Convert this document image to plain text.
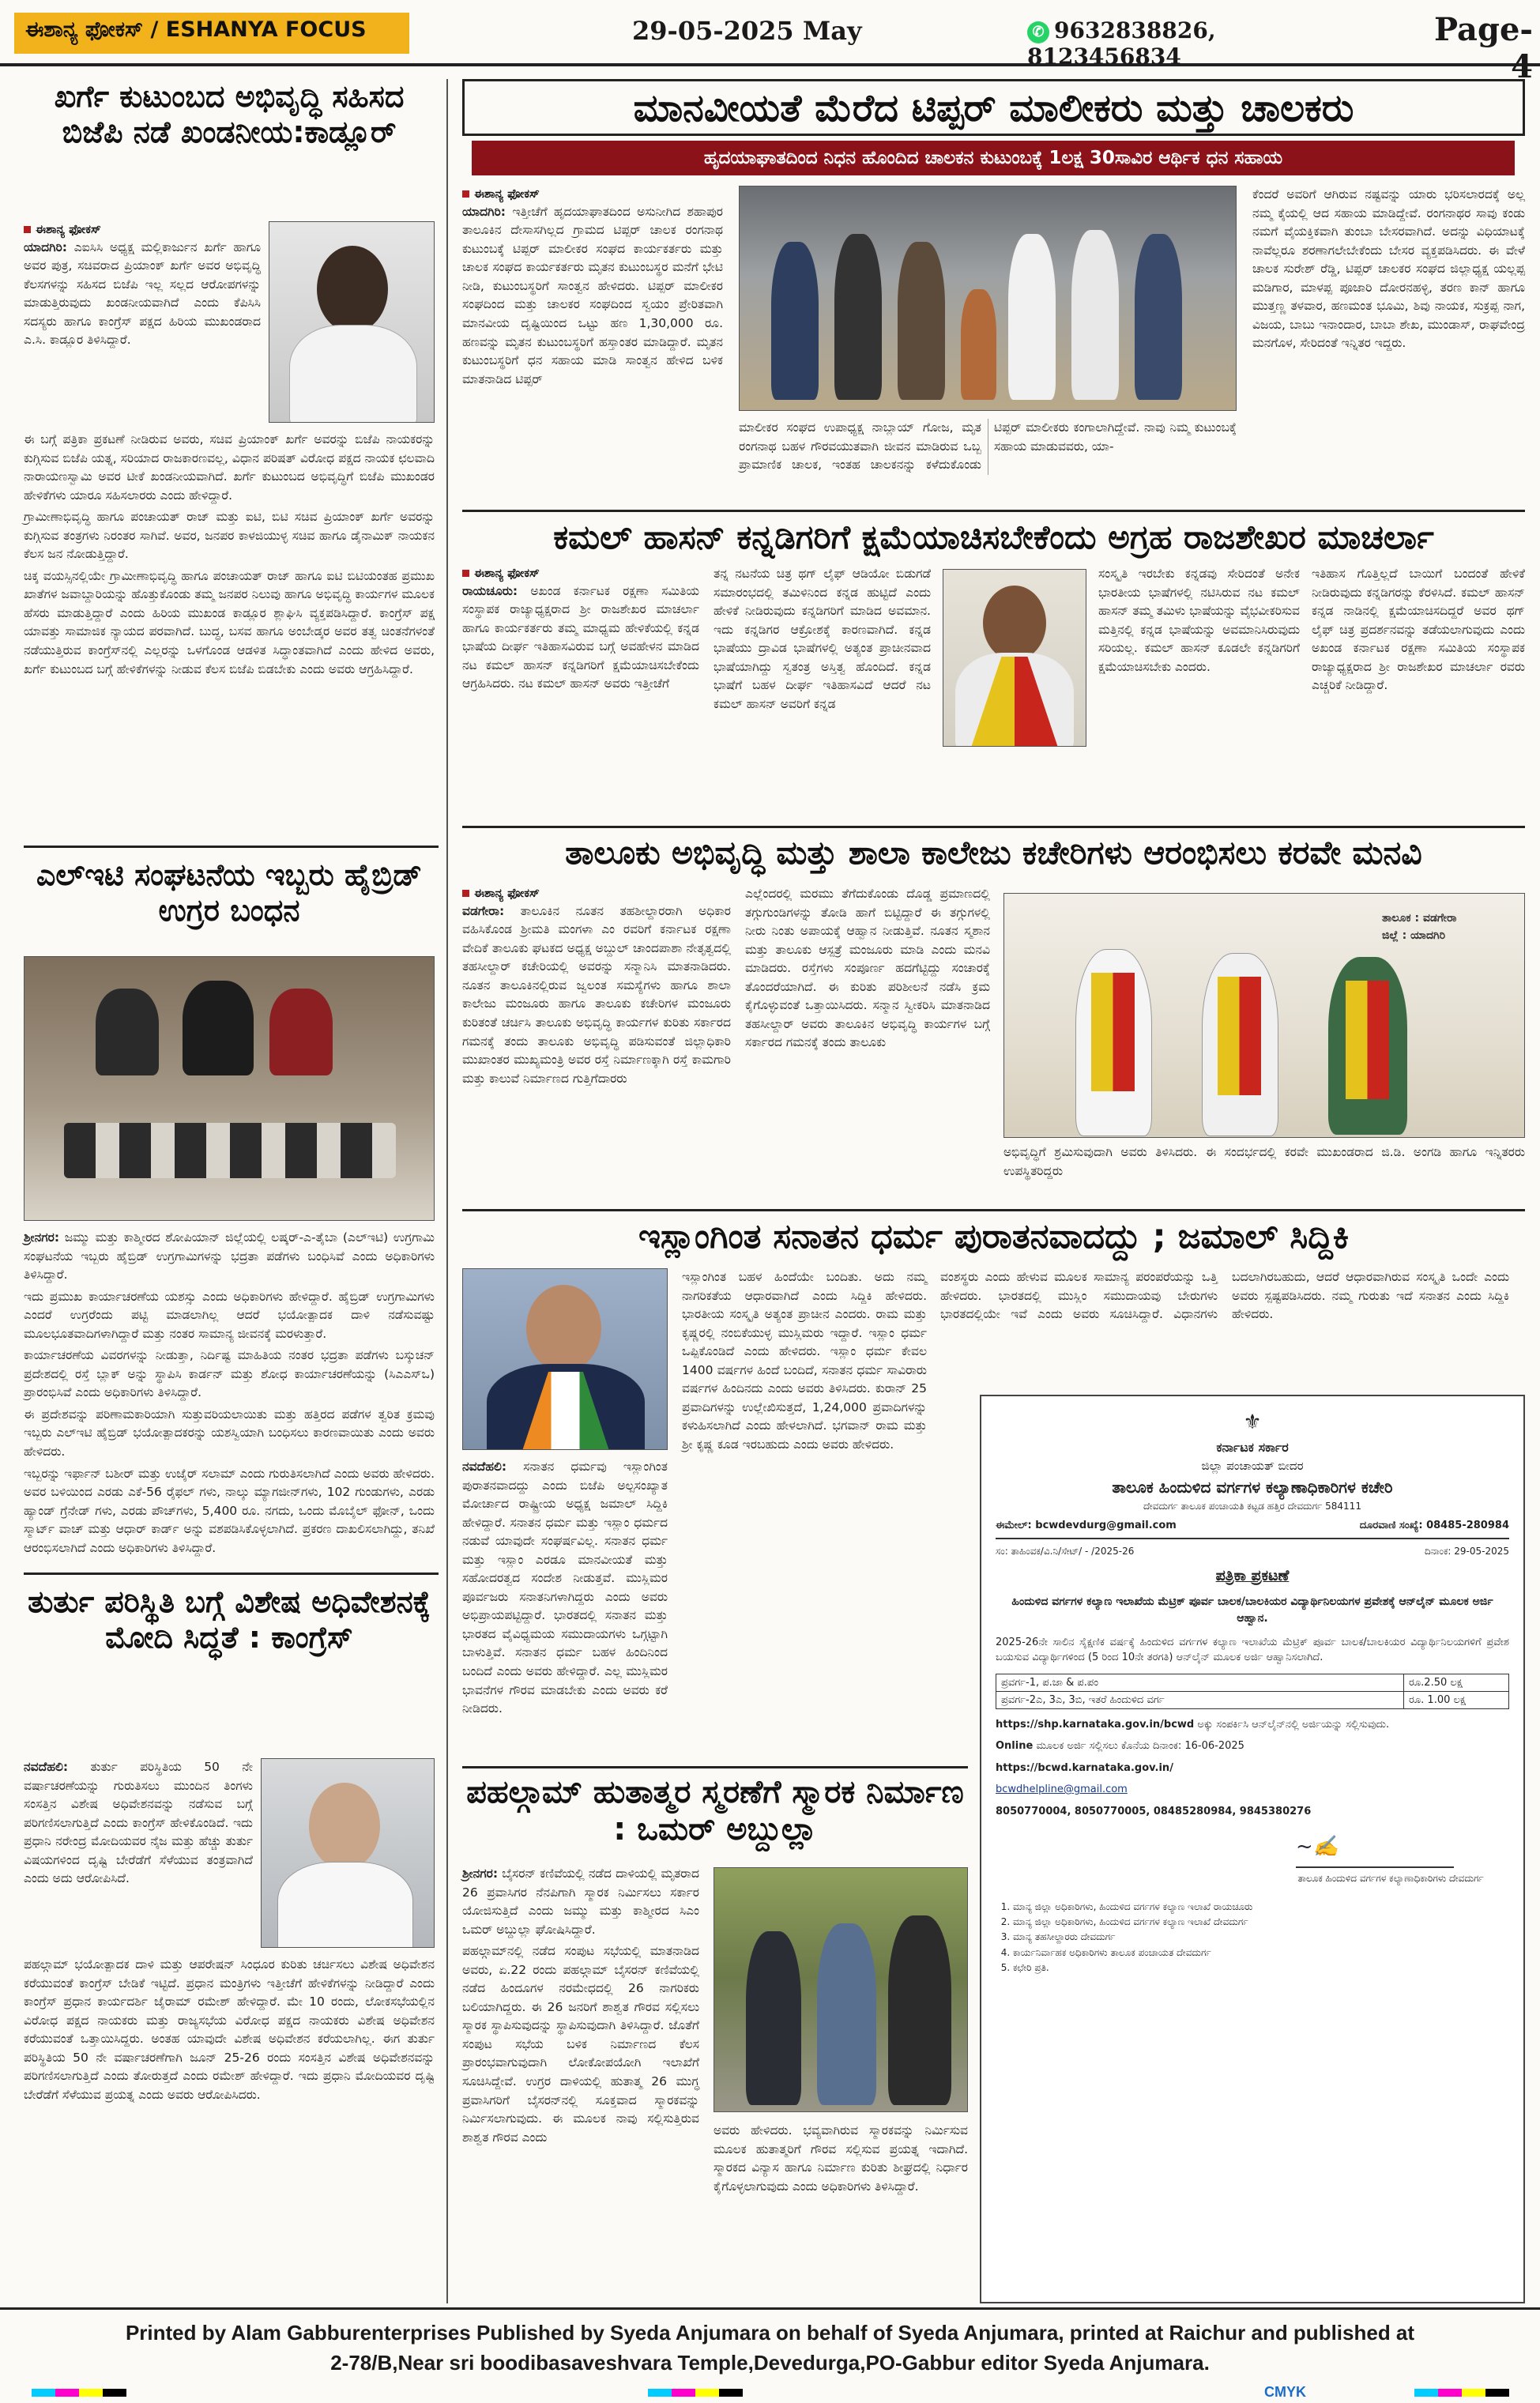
ಈಶಾನ್ಯ ಫೋಕಸ್ / ESHANYA FOCUS	29-05-2025 May	✆ 9632838826, 8123456834
Page-4
ಖರ್ಗೆ ಕುಟುಂಬದ ಅಭಿವೃದ್ಧಿ ಸಹಿಸದ ಬಿಜೆಪಿ ನಡೆ ಖಂಡನೀಯ:ಕಾಡ್ಲೂರ್

ಈಶಾನ್ಯ ಫೋಕಸ್

ಯಾದಗಿರಿ: ಎಐಸಿಸಿ ಅಧ್ಯಕ್ಷ ಮಲ್ಲಿಕಾರ್ಜುನ ಖರ್ಗೆ ಹಾಗೂ ಅವರ ಪುತ್ರ, ಸಚಿವರಾದ ಪ್ರಿಯಾಂಕ್ ಖರ್ಗೆ ಅವರ ಅಭಿವೃದ್ಧಿ ಕೆಲಸಗಳನ್ನು ಸಹಿಸದ ಬಿಜೆಪಿ ಇಲ್ಲ ಸಲ್ಲದ ಆರೋಪಗಳನ್ನು ಮಾಡುತ್ತಿರುವುದು ಖಂಡನೀಯವಾಗಿದೆ ಎಂದು ಕೆಪಿಸಿಸಿ ಸದಸ್ಯರು ಹಾಗೂ ಕಾಂಗ್ರೆಸ್ ಪಕ್ಷದ ಹಿರಿಯ ಮುಖಂಡರಾದ ಎ.ಸಿ. ಕಾಡ್ಲೂರ ತಿಳಿಸಿದ್ದಾರೆ.

ಈ ಬಗ್ಗೆ ಪತ್ರಿಕಾ ಪ್ರಕಟಣೆ ನೀಡಿರುವ ಅವರು, ಸಚಿವ ಪ್ರಿಯಾಂಕ್ ಖರ್ಗೆ ಅವರನ್ನು ಬಿಜೆಪಿ ನಾಯಕರನ್ನು ಕುಗ್ಗಿಸುವ ಬಿಜೆಪಿ ಯತ್ನ, ಸರಿಯಾದ ರಾಜಕಾರಣವಲ್ಲ, ವಿಧಾನ ಪರಿಷತ್ ವಿರೋಧ ಪಕ್ಷದ ನಾಯಕ ಛಲವಾದಿ ನಾರಾಯಣಸ್ವಾಮಿ ಅವರ ಟೀಕೆ ಖಂಡನೀಯವಾಗಿದೆ. ಖರ್ಗೆ ಕುಟುಂಬದ ಅಭಿವೃದ್ಧಿಗೆ ಬಿಜೆಪಿ ಮುಖಂಡರ ಹೇಳಿಕೆಗಳು ಯಾರೂ ಸಹಿಸಲಾರರು ಎಂದು ಹೇಳಿದ್ದಾರೆ.

ಗ್ರಾಮೀಣಾಭಿವೃದ್ಧಿ ಹಾಗೂ ಪಂಚಾಯತ್ ರಾಜ್ ಮತ್ತು ಐಟಿ, ಬಿಟಿ ಸಚಿವ ಪ್ರಿಯಾಂಕ್ ಖರ್ಗೆ ಅವರನ್ನು ಕುಗ್ಗಿಸುವ ತಂತ್ರಗಳು ನಿರಂತರ ಸಾಗಿವೆ. ಅವರ, ಜನಪರ ಕಾಳಜಿಯುಳ್ಳ ಸಚಿವ ಹಾಗೂ ಡೈನಾಮಿಕ್ ನಾಯಕನ ಕೆಲಸ ಜನ ನೋಡುತ್ತಿದ್ದಾರೆ.

ಚಿಕ್ಕ ವಯಸ್ಸಿನಲ್ಲಿಯೇ ಗ್ರಾಮೀಣಾಭಿವೃದ್ಧಿ ಹಾಗೂ ಪಂಚಾಯತ್ ರಾಜ್ ಹಾಗೂ ಐಟಿ ಬಿಟಿಯಂತಹ ಪ್ರಮುಖ ಖಾತೆಗಳ ಜವಾಬ್ದಾರಿಯನ್ನು ಹೊತ್ತುಕೊಂಡು ತಮ್ಮ ಜನಪರ ನಿಲುವು ಹಾಗೂ ಅಭಿವೃದ್ಧಿ ಕಾರ್ಯಗಳ ಮೂಲಕ ಹೆಸರು ಮಾಡುತ್ತಿದ್ದಾರೆ ಎಂದು ಹಿರಿಯ ಮುಖಂಡ ಕಾಡ್ಲೂರ ಶ್ಲಾಘಿಸಿ ವ್ಯಕ್ತಪಡಿಸಿದ್ದಾರೆ. ಕಾಂಗ್ರೆಸ್ ಪಕ್ಷ ಯಾವತ್ತು ಸಾಮಾಜಿಕ ನ್ಯಾಯದ ಪರವಾಗಿದೆ. ಬುದ್ಧ, ಬಸವ ಹಾಗೂ ಅಂಬೇಡ್ಕರ ಅವರ ತತ್ವ ಚಿಂತನೆಗಳಂತೆ ನಡೆಯುತ್ತಿರುವ ಕಾಂಗ್ರೆಸ್‌ನಲ್ಲಿ ಎಲ್ಲರನ್ನು ಒಳಗೊಂಡ ಆಡಳಿತ ಸಿದ್ಧಾಂತವಾಗಿದೆ ಎಂದು ಹೇಳಿದ ಅವರು, ಖರ್ಗೆ ಕುಟುಂಬದ ಬಗ್ಗೆ ಹೇಳಿಕೆಗಳನ್ನು ನೀಡುವ ಕೆಲಸ ಬಿಜೆಪಿ ಬಿಡಬೇಕು ಎಂದು ಅವರು ಆಗ್ರಹಿಸಿದ್ದಾರೆ.

ಎಲ್‌ಇಟಿ ಸಂಘಟನೆಯ ಇಬ್ಬರು ಹೈಬ್ರಿಡ್ ಉಗ್ರರ ಬಂಧನ

ಶ್ರೀನಗರ: ಜಮ್ಮು ಮತ್ತು ಕಾಶ್ಮೀರದ ಶೋಪಿಯಾನ್ ಜಿಲ್ಲೆಯಲ್ಲಿ ಲಷ್ಕರ್-ಎ-ತೈಬಾ (ಎಲ್‌ಇಟಿ) ಉಗ್ರಗಾಮಿ ಸಂಘಟನೆಯ ಇಬ್ಬರು ಹೈಬ್ರಿಡ್ ಉಗ್ರಗಾಮಿಗಳನ್ನು ಭದ್ರತಾ ಪಡೆಗಳು ಬಂಧಿಸಿವೆ ಎಂದು ಅಧಿಕಾರಿಗಳು ತಿಳಿಸಿದ್ದಾರೆ.

ಇದು ಪ್ರಮುಖ ಕಾರ್ಯಾಚರಣೆಯ ಯಶಸ್ಸು ಎಂದು ಅಧಿಕಾರಿಗಳು ಹೇಳಿದ್ದಾರೆ. ಹೈಬ್ರಿಡ್ ಉಗ್ರಗಾಮಿಗಳು ಎಂದರೆ ಉಗ್ರರೆಂದು ಪಟ್ಟಿ ಮಾಡಲಾಗಿಲ್ಲ ಆದರೆ ಭಯೋತ್ಪಾದಕ ದಾಳಿ ನಡೆಸುವಷ್ಟು ಮೂಲಭೂತವಾದಿಗಳಾಗಿದ್ದಾರೆ ಮತ್ತು ನಂತರ ಸಾಮಾನ್ಯ ಜೀವನಕ್ಕೆ ಮರಳುತ್ತಾರೆ.

ಕಾರ್ಯಾಚರಣೆಯ ವಿವರಗಳನ್ನು ನೀಡುತ್ತಾ, ನಿರ್ದಿಷ್ಟ ಮಾಹಿತಿಯ ನಂತರ ಭದ್ರತಾ ಪಡೆಗಳು ಬಸ್ಕುಚನ್ ಪ್ರದೇಶದಲ್ಲಿ ರಸ್ತೆ ಬ್ಲಾಕ್ ಅನ್ನು ಸ್ಥಾಪಿಸಿ ಕಾರ್ಡನ್ ಮತ್ತು ಶೋಧ ಕಾರ್ಯಾಚರಣೆಯನ್ನು (ಸಿಎಎಸ್‌ಒ) ಪ್ರಾರಂಭಿಸಿವೆ ಎಂದು ಅಧಿಕಾರಿಗಳು ತಿಳಿಸಿದ್ದಾರೆ.

ಈ ಪ್ರದೇಶವನ್ನು ಪರಿಣಾಮಕಾರಿಯಾಗಿ ಸುತ್ತುವರಿಯಲಾಯಿತು ಮತ್ತು ಹತ್ತಿರದ ಪಡೆಗಳ ತ್ವರಿತ ಕ್ರಮವು ಇಬ್ಬರು ಎಲ್‌ಇಟಿ ಹೈಬ್ರಿಡ್ ಭಯೋತ್ಪಾದಕರನ್ನು ಯಶಸ್ವಿಯಾಗಿ ಬಂಧಿಸಲು ಕಾರಣವಾಯಿತು ಎಂದು ಅವರು ಹೇಳಿದರು.

ಇಬ್ಬರನ್ನು ಇರ್ಫಾನ್ ಬಶೀರ್ ಮತ್ತು ಉಜೈರ್ ಸಲಾಮ್ ಎಂದು ಗುರುತಿಸಲಾಗಿದೆ ಎಂದು ಅವರು ಹೇಳಿದರು. ಅವರ ಬಳಿಯಿಂದ ಎರಡು ಎಕೆ-56 ರೈಫಲ್ ಗಳು, ನಾಲ್ಕು ಮ್ಯಾಗಜೀನ್‌ಗಳು, 102 ಗುಂಡುಗಳು, ಎರಡು ಹ್ಯಾಂಡ್ ಗ್ರೆನೇಡ್ ಗಳು, ಎರಡು ಪೌಚ್‌ಗಳು, 5,400 ರೂ. ನಗದು, ಒಂದು ಮೊಬೈಲ್ ಫೋನ್, ಒಂದು ಸ್ಮಾರ್ಟ್ ವಾಚ್ ಮತ್ತು ಆಧಾರ್ ಕಾರ್ಡ್ ಅನ್ನು ವಶಪಡಿಸಿಕೊಳ್ಳಲಾಗಿದೆ. ಪ್ರಕರಣ ದಾಖಲಿಸಲಾಗಿದ್ದು, ತನಿಖೆ ಆರಂಭಿಸಲಾಗಿದೆ ಎಂದು ಅಧಿಕಾರಿಗಳು ತಿಳಿಸಿದ್ದಾರೆ.

ತುರ್ತು ಪರಿಸ್ಥಿತಿ ಬಗ್ಗೆ ವಿಶೇಷ ಅಧಿವೇಶನಕ್ಕೆ ಮೋದಿ ಸಿದ್ಧತೆ : ಕಾಂಗ್ರೆಸ್

ನವದೆಹಲಿ: ತುರ್ತು ಪರಿಸ್ಥಿತಿಯ 50 ನೇ ವರ್ಷಾಚರಣೆಯನ್ನು ಗುರುತಿಸಲು ಮುಂದಿನ ತಿಂಗಳು ಸಂಸತ್ತಿನ ವಿಶೇಷ ಅಧಿವೇಶನವನ್ನು ನಡೆಸುವ ಬಗ್ಗೆ ಪರಿಗಣಿಸಲಾಗುತ್ತಿದೆ ಎಂದು ಕಾಂಗ್ರೆಸ್ ಹೇಳಿಕೊಂಡಿದೆ. ಇದು ಪ್ರಧಾನಿ ನರೇಂದ್ರ ಮೋದಿಯವರ ನೈಜ ಮತ್ತು ಹೆಚ್ಚು ತುರ್ತು ವಿಷಯಗಳಿಂದ ದೃಷ್ಟಿ ಬೇರೆಡೆಗೆ ಸೆಳೆಯುವ ತಂತ್ರವಾಗಿದೆ ಎಂದು ಅದು ಆರೋಪಿಸಿದೆ.

ಪಹಲ್ಗಾಮ್ ಭಯೋತ್ಪಾದಕ ದಾಳಿ ಮತ್ತು ಆಪರೇಷನ್ ಸಿಂಧೂರ ಕುರಿತು ಚರ್ಚಿಸಲು ವಿಶೇಷ ಅಧಿವೇಶನ ಕರೆಯುವಂತೆ ಕಾಂಗ್ರೆಸ್ ಬೇಡಿಕೆ ಇಟ್ಟಿದೆ. ಪ್ರಧಾನ ಮಂತ್ರಿಗಳು ಇತ್ತೀಚೆಗೆ ಹೇಳಿಕೆಗಳನ್ನು ನೀಡಿದ್ದಾರೆ ಎಂದು ಕಾಂಗ್ರೆಸ್ ಪ್ರಧಾನ ಕಾರ್ಯದರ್ಶಿ ಜೈರಾಮ್ ರಮೇಶ್ ಹೇಳಿದ್ದಾರೆ. ಮೇ 10 ರಂದು, ಲೋಕಸಭೆಯಲ್ಲಿನ ವಿರೋಧ ಪಕ್ಷದ ನಾಯಕರು ಮತ್ತು ರಾಜ್ಯಸಭೆಯ ವಿರೋಧ ಪಕ್ಷದ ನಾಯಕರು ವಿಶೇಷ ಅಧಿವೇಶನ ಕರೆಯುವಂತೆ ಒತ್ತಾಯಿಸಿದ್ದರು. ಅಂತಹ ಯಾವುದೇ ವಿಶೇಷ ಅಧಿವೇಶನ ಕರೆಯಲಾಗಿಲ್ಲ. ಈಗ ತುರ್ತು ಪರಿಸ್ಥಿತಿಯ 50 ನೇ ವರ್ಷಾಚರಣೆಗಾಗಿ ಜೂನ್ 25-26 ರಂದು ಸಂಸತ್ತಿನ ವಿಶೇಷ ಅಧಿವೇಶನವನ್ನು ಪರಿಗಣಿಸಲಾಗುತ್ತಿದೆ ಎಂದು ತೋರುತ್ತದೆ ಎಂದು ರಮೇಶ್ ಹೇಳಿದ್ದಾರೆ. ಇದು ಪ್ರಧಾನಿ ಮೋದಿಯವರ ದೃಷ್ಟಿ ಬೇರೆಡೆಗೆ ಸೆಳೆಯುವ ಪ್ರಯತ್ನ ಎಂದು ಅವರು ಆರೋಪಿಸಿದರು.

ಮಾನವೀಯತೆ ಮೆರೆದ ಟಿಪ್ಪರ್ ಮಾಲೀಕರು ಮತ್ತು ಚಾಲಕರು
ಹೃದಯಾಘಾತದಿಂದ ನಿಧನ ಹೊಂದಿದ ಚಾಲಕನ ಕುಟುಂಬಕ್ಕೆ 1ಲಕ್ಷ 30ಸಾವಿರ ಆರ್ಥಿಕ ಧನ ಸಹಾಯ

ಈಶಾನ್ಯ ಫೋಕಸ್

ಯಾದಗಿರಿ: ಇತ್ತೀಚೆಗೆ ಹೃದಯಾಘಾತದಿಂದ ಅಸುನೀಗಿದ ಶಹಾಪುರ ತಾಲೂಕಿನ ದೇಸಾಸಗಿಲ್ಲದ ಗ್ರಾಮದ ಟಿಪ್ಪರ್ ಚಾಲಕ ರಂಗನಾಥ ಕುಟುಂಬಕ್ಕೆ ಟಿಪ್ಪರ್ ಮಾಲೀಕರ ಸಂಘದ ಕಾರ್ಯಕರ್ತರು ಮತ್ತು ಚಾಲಕ ಸಂಘದ ಕಾರ್ಯಕರ್ತರು ಮೃತನ ಕುಟುಂಬಸ್ಥರ ಮನೆಗೆ ಭೇಟಿ ನೀಡಿ, ಕುಟುಂಬಸ್ಥರಿಗೆ ಸಾಂತ್ವನ ಹೇಳಿದರು. ಟಿಪ್ಪರ್ ಮಾಲೀಕರ ಸಂಘದಿಂದ ಮತ್ತು ಚಾಲಕರ ಸಂಘದಿಂದ ಸ್ವಯಂ ಪ್ರೇರಿತವಾಗಿ ಮಾನವೀಯ ದೃಷ್ಟಿಯಿಂದ ಒಟ್ಟು ಹಣ 1,30,000 ರೂ. ಹಣವನ್ನು ಮೃತನ ಕುಟುಂಬಸ್ಥರಿಗೆ ಹಸ್ತಾಂತರ ಮಾಡಿದ್ದಾರೆ. ಮೃತನ ಕುಟುಂಬಸ್ಥರಿಗೆ ಧನ ಸಹಾಯ ಮಾಡಿ ಸಾಂತ್ವನ ಹೇಳಿದ ಬಳಿಕ ಮಾತನಾಡಿದ ಟಿಪ್ಪರ್

ಮಾಲೀಕರ ಸಂಘದ ಉಪಾಧ್ಯಕ್ಷ ನಾಬ್ಲಾಯ್ ಗೋಜ, ಮೃತ ರಂಗನಾಥ ಬಹಳ ಗೌರವಯುತವಾಗಿ ಜೀವನ ಮಾಡಿರುವ ಒಬ್ಬ ಪ್ರಾಮಾಣಿಕ ಚಾಲಕ, ಇಂತಹ ಚಾಲಕನನ್ನು ಕಳೆದುಕೊಂಡು ಟಿಪ್ಪರ್ ಮಾಲೀಕರು ಕಂಗಾಲಾಗಿದ್ದೇವೆ. ನಾವು ನಿಮ್ಮ ಕುಟುಂಬಕ್ಕೆ ಸಹಾಯ ಮಾಡುವವರು, ಯಾ-
ಕೆಂದರೆ ಅವರಿಗೆ ಆಗಿರುವ ನಷ್ಟವನ್ನು ಯಾರು ಭರಿಸಲಾರದಕ್ಕೆ ಅಲ್ಲ ನಮ್ಮ ಕೈಯಲ್ಲಿ ಆದ ಸಹಾಯ ಮಾಡಿದ್ದೇವೆ. ರಂಗನಾಥರ ಸಾವು ಕಂಡು ನಮಗೆ ವೈಯಕ್ತಿಕವಾಗಿ ತುಂಬಾ ಬೇಸರವಾಗಿದೆ. ಅದನ್ನು ವಿಧಿಯಾಟಕ್ಕೆ ನಾವೆಲ್ಲರೂ ಶರಣಾಗಲೇಬೇಕೆಂದು ಬೇಸರ ವ್ಯಕ್ತಪಡಿಸಿದರು. ಈ ವೇಳೆ ಚಾಲಕ ಸುರೇಶ್ ರೆಡ್ಡಿ, ಟಿಪ್ಪರ್ ಚಾಲಕರ ಸಂಘದ ಜಿಲ್ಲಾಧ್ಯಕ್ಷ ಯಲ್ಲಪ್ಪ ಮಡಿಗಾರ, ಮಾಳಪ್ಪ ಪೂಜಾರಿ ದೋರನಹಳ್ಳಿ, ತರಣ ಕಾನ್ ಹಾಗೂ ಮುತ್ತಣ್ಣ ತಳವಾರ, ಹಣಮಂತ ಭೂಮಿ, ಶಿವು ನಾಯಕ, ಸುಕ್ರಪ್ಪ ನಾಗ, ವಿಜಯ, ಬಾಬು ಇನಾಂದಾರ, ಬಾಬಾ ಶೇಖ, ಮುಂಡಾಸ್, ರಾಘವೇಂದ್ರ ಮನಗೊಳ, ಸೇರಿದಂತೆ ಇನ್ನಿತರ ಇದ್ದರು.
ಕಮಲ್ ಹಾಸನ್ ಕನ್ನಡಿಗರಿಗೆ ಕ್ಷಮೆಯಾಚಿಸಬೇಕೆಂದು ಅಗ್ರಹ ರಾಜಶೇಖರ ಮಾಚರ್ಲಾ

ಈಶಾನ್ಯ ಫೋಕಸ್

ರಾಯಚೂರು: ಅಖಂಡ ಕರ್ನಾಟಕ ರಕ್ಷಣಾ ಸಮಿತಿಯ ಸಂಸ್ಥಾಪಕ ರಾಜ್ಯಾಧ್ಯಕ್ಷರಾದ ಶ್ರೀ ರಾಜಶೇಖರ ಮಾಚರ್ಲಾ ಹಾಗೂ ಕಾರ್ಯಕರ್ತರು ತಮ್ಮ ಮಾಧ್ಯಮ ಹೇಳಿಕೆಯಲ್ಲಿ ಕನ್ನಡ ಭಾಷೆಯ ದೀರ್ಘ ಇತಿಹಾಸವಿರುವ ಬಗ್ಗೆ ಅವಹೇಳನ ಮಾಡಿದ ನಟ ಕಮಲ್ ಹಾಸನ್ ಕನ್ನಡಿಗರಿಗೆ ಕ್ಷಮೆಯಾಚಿಸಬೇಕೆಂದು ಆಗ್ರಹಿಸಿದರು. ನಟ ಕಮಲ್ ಹಾಸನ್ ಅವರು ಇತ್ತೀಚೆಗೆ

ತನ್ನ ನಟನೆಯ ಚಿತ್ರ ಥಗ್ ಲೈಫ್ ಆಡಿಯೋ ಬಿಡುಗಡೆ ಸಮಾರಂಭದಲ್ಲಿ ತಮಿಳಿನಿಂದ ಕನ್ನಡ ಹುಟ್ಟಿದೆ ಎಂದು ಹೇಳಿಕೆ ನೀಡಿರುವುದು ಕನ್ನಡಿಗರಿಗೆ ಮಾಡಿದ ಅವಮಾನ. ಇದು ಕನ್ನಡಿಗರ ಆಕ್ರೋಶಕ್ಕೆ ಕಾರಣವಾಗಿದೆ. ಕನ್ನಡ ಭಾಷೆಯು ದ್ರಾವಿಡ ಭಾಷೆಗಳಲ್ಲಿ ಅತ್ಯಂತ ಪ್ರಾಚೀನವಾದ ಭಾಷೆಯಾಗಿದ್ದು ಸ್ವತಂತ್ರ ಅಸ್ತಿತ್ವ ಹೊಂದಿದೆ. ಕನ್ನಡ ಭಾಷೆಗೆ ಬಹಳ ದೀರ್ಘ ಇತಿಹಾಸವಿದೆ ಆದರೆ ನಟ ಕಮಲ್ ಹಾಸನ್ ಅವರಿಗೆ ಕನ್ನಡ
ಸಂಸ್ಕೃತಿ ಇರಬೇಕು ಕನ್ನಡವು ಸೇರಿದಂತೆ ಅನೇಕ ಭಾರತೀಯ ಭಾಷೆಗಳಲ್ಲಿ ನಟಿಸಿರುವ ನಟ ಕಮಲ್ ಹಾಸನ್ ತಮ್ಮ ತಮಿಳು ಭಾಷೆಯನ್ನು ವೈಭವೀಕರಿಸುವ ಮತ್ತಿನಲ್ಲಿ ಕನ್ನಡ ಭಾಷೆಯನ್ನು ಅವಮಾನಿಸಿರುವುದು ಸರಿಯಲ್ಲ. ಕಮಲ್ ಹಾಸನ್ ಕೂಡಲೇ ಕನ್ನಡಿಗರಿಗೆ ಕ್ಷಮೆಯಾಚಿಸಬೇಕು ಎಂದರು.
ಇತಿಹಾಸ ಗೊತ್ತಿಲ್ಲದೆ ಬಾಯಿಗೆ ಬಂದಂತೆ ಹೇಳಿಕೆ ನೀಡಿರುವುದು ಕನ್ನಡಿಗರನ್ನು ಕೆರಳಿಸಿದೆ. ಕಮಲ್ ಹಾಸನ್ ಕನ್ನಡ ನಾಡಿನಲ್ಲಿ ಕ್ಷಮೆಯಾಚಿಸದಿದ್ದರೆ ಅವರ ಥಗ್ ಲೈಫ್ ಚಿತ್ರ ಪ್ರದರ್ಶನವನ್ನು ತಡೆಯಲಾಗುವುದು ಎಂದು ಅಖಂಡ ಕರ್ನಾಟಕ ರಕ್ಷಣಾ ಸಮಿತಿಯ ಸಂಸ್ಥಾಪಕ ರಾಜ್ಯಾಧ್ಯಕ್ಷರಾದ ಶ್ರೀ ರಾಜಶೇಖರ ಮಾಚರ್ಲಾ ರವರು ಎಚ್ಚರಿಕೆ ನೀಡಿದ್ದಾರೆ.
ತಾಲೂಕು ಅಭಿವೃದ್ಧಿ ಮತ್ತು ಶಾಲಾ ಕಾಲೇಜು ಕಚೇರಿಗಳು ಆರಂಭಿಸಲು ಕರವೇ ಮನವಿ

ಈಶಾನ್ಯ ಫೋಕಸ್

ವಡಗೇರಾ: ತಾಲೂಕಿನ ನೂತನ ತಹಶೀಲ್ದಾರರಾಗಿ ಅಧಿಕಾರ ವಹಿಸಿಕೊಂಡ ಶ್ರೀಮತಿ ಮಂಗಳಾ ಎಂ ರವರಿಗೆ ಕರ್ನಾಟಕ ರಕ್ಷಣಾ ವೇದಿಕೆ ತಾಲೂಕು ಘಟಕದ ಅಧ್ಯಕ್ಷ ಅಬ್ದುಲ್ ಚಾಂದಪಾಶಾ ನೇತೃತ್ವದಲ್ಲಿ ತಹಸೀಲ್ದಾರ್ ಕಚೇರಿಯಲ್ಲಿ ಅವರನ್ನು ಸನ್ಮಾನಿಸಿ ಮಾತನಾಡಿದರು. ನೂತನ ತಾಲೂಕಿನಲ್ಲಿರುವ ಜ್ವಲಂತ ಸಮಸ್ಯೆಗಳು ಹಾಗೂ ಶಾಲಾ ಕಾಲೇಜು ಮಂಜೂರು ಹಾಗೂ ತಾಲೂಕು ಕಚೇರಿಗಳ ಮಂಜೂರು ಕುರಿತಂತೆ ಚರ್ಚಿಸಿ ತಾಲೂಕು ಅಭಿವೃದ್ಧಿ ಕಾರ್ಯಗಳ ಕುರಿತು ಸರ್ಕಾರದ ಗಮನಕ್ಕೆ ತಂದು ತಾಲೂಕು ಅಭಿವೃದ್ಧಿ ಪಡಿಸುವಂತೆ ಜಿಲ್ಲಾಧಿಕಾರಿ ಮುಖಾಂತರ ಮುಖ್ಯಮಂತ್ರಿ ಅವರ ರಸ್ತೆ ನಿರ್ಮಾಣಕ್ಕಾಗಿ ರಸ್ತೆ ಕಾಮಗಾರಿ ಮತ್ತು ಕಾಲುವೆ ನಿರ್ಮಾಣದ ಗುತ್ತಿಗೆದಾರರು

ಎಲ್ಲೆಂದರಲ್ಲಿ ಮರಮು ತೆಗೆದುಕೊಂಡು ದೊಡ್ಡ ಪ್ರಮಾಣದಲ್ಲಿ ತಗ್ಗುಗುಂಡಿಗಳನ್ನು ತೋಡಿ ಹಾಗೆ ಬಿಟ್ಟಿದ್ದಾರೆ ಈ ತಗ್ಗುಗಳಲ್ಲಿ ನೀರು ನಿಂತು ಅಪಾಯಕ್ಕೆ ಆಹ್ವಾನ ನೀಡುತ್ತಿವೆ. ನೂತನ ಸ್ಮಶಾನ ಮತ್ತು ತಾಲೂಕು ಆಸ್ಪತ್ರೆ ಮಂಜೂರು ಮಾಡಿ ಎಂದು ಮನವಿ ಮಾಡಿದರು. ರಸ್ತೆಗಳು ಸಂಪೂರ್ಣ ಹದಗೆಟ್ಟಿದ್ದು ಸಂಚಾರಕ್ಕೆ ತೊಂದರೆಯಾಗಿದೆ. ಈ ಕುರಿತು ಪರಿಶೀಲನೆ ನಡೆಸಿ ಕ್ರಮ ಕೈಗೊಳ್ಳುವಂತೆ ಒತ್ತಾಯಿಸಿದರು. ಸನ್ಮಾನ ಸ್ವೀಕರಿಸಿ ಮಾತನಾಡಿದ ತಹಸೀಲ್ದಾರ್ ಅವರು ತಾಲೂಕಿನ ಅಭಿವೃದ್ಧಿ ಕಾರ್ಯಗಳ ಬಗ್ಗೆ ಸರ್ಕಾರದ ಗಮನಕ್ಕೆ ತಂದು ತಾಲೂಕು
ತಾಲೂಕ : ವಡಗೇರಾ
ಜಿಲ್ಲೆ : ಯಾದಗಿರಿ
ಅಭಿವೃದ್ಧಿಗೆ ಶ್ರಮಿಸುವುದಾಗಿ ಅವರು ತಿಳಿಸಿದರು. ಈ ಸಂದರ್ಭದಲ್ಲಿ ಕರವೇ ಮುಖಂಡರಾದ ಜಿ.ಡಿ. ಅಂಗಡಿ ಹಾಗೂ ಇನ್ನಿತರರು ಉಪಸ್ಥಿತರಿದ್ದರು
ಇಸ್ಲಾಂಗಿಂತ ಸನಾತನ ಧರ್ಮ ಪುರಾತನವಾದದ್ದು ; ಜಮಾಲ್ ಸಿದ್ದಿಕಿ

ನವದೆಹಲಿ: ಸನಾತನ ಧರ್ಮವು ಇಸ್ಲಾಂಗಿಂತ ಪುರಾತನವಾದದ್ದು ಎಂದು ಬಿಜೆಪಿ ಅಲ್ಪಸಂಖ್ಯಾತ ಮೋರ್ಚಾದ ರಾಷ್ಟ್ರೀಯ ಅಧ್ಯಕ್ಷ ಜಮಾಲ್ ಸಿದ್ದಿಕಿ ಹೇಳಿದ್ದಾರೆ. ಸನಾತನ ಧರ್ಮ ಮತ್ತು ಇಸ್ಲಾಂ ಧರ್ಮದ ನಡುವೆ ಯಾವುದೇ ಸಂಘರ್ಷವಿಲ್ಲ. ಸನಾತನ ಧರ್ಮ ಮತ್ತು ಇಸ್ಲಾಂ ಎರಡೂ ಮಾನವೀಯತೆ ಮತ್ತು ಸಹೋದರತ್ವದ ಸಂದೇಶ ನೀಡುತ್ತವೆ. ಮುಸ್ಲಿಮರ ಪೂರ್ವಜರು ಸನಾತನಿಗಳಾಗಿದ್ದರು ಎಂದು ಅವರು ಅಭಿಪ್ರಾಯಪಟ್ಟಿದ್ದಾರೆ. ಭಾರತದಲ್ಲಿ ಸನಾತನ ಮತ್ತು ಭಾರತದ ವೈವಿಧ್ಯಮಯ ಸಮುದಾಯಗಳು ಒಗ್ಗಟ್ಟಾಗಿ ಬಾಳುತ್ತಿವೆ. ಸನಾತನ ಧರ್ಮ ಬಹಳ ಹಿಂದಿನಿಂದ ಬಂದಿದೆ ಎಂದು ಅವರು ಹೇಳಿದ್ದಾರೆ. ಎಲ್ಲ ಮುಸ್ಲಿಮರ ಭಾವನೆಗಳ ಗೌರವ ಮಾಡಬೇಕು ಎಂದು ಅವರು ಕರೆ ನೀಡಿದರು.

ಇಸ್ಲಾಂಗಿಂತ ಬಹಳ ಹಿಂದೆಯೇ ಬಂದಿತು. ಅದು ನಮ್ಮ ನಾಗರಿಕತೆಯ ಆಧಾರವಾಗಿದೆ ಎಂದು ಸಿದ್ದಿಕಿ ಹೇಳಿದರು. ಭಾರತೀಯ ಸಂಸ್ಕೃತಿ ಅತ್ಯಂತ ಪ್ರಾಚೀನ ಎಂದರು. ರಾಮ ಮತ್ತು ಕೃಷ್ಣರಲ್ಲಿ ನಂಬಿಕೆಯುಳ್ಳ ಮುಸ್ಲಿಮರು ಇದ್ದಾರೆ. ಇಸ್ಲಾಂ ಧರ್ಮ ಒಪ್ಪಿಕೊಂಡಿದೆ ಎಂದು ಹೇಳಿದರು. ಇಸ್ಲಾಂ ಧರ್ಮ ಕೇವಲ 1400 ವರ್ಷಗಳ ಹಿಂದೆ ಬಂದಿದೆ, ಸನಾತನ ಧರ್ಮ ಸಾವಿರಾರು ವರ್ಷಗಳ ಹಿಂದಿನದು ಎಂದು ಅವರು ತಿಳಿಸಿದರು. ಕುರಾನ್ 25 ಪ್ರವಾದಿಗಳನ್ನು ಉಲ್ಲೇಖಿಸುತ್ತದೆ, 1,24,000 ಪ್ರವಾದಿಗಳನ್ನು ಕಳುಹಿಸಲಾಗಿದೆ ಎಂದು ಹೇಳಲಾಗಿದೆ. ಭಗವಾನ್ ರಾಮ ಮತ್ತು ಶ್ರೀ ಕೃಷ್ಣ ಕೂಡ ಇರಬಹುದು ಎಂದು ಅವರು ಹೇಳಿದರು.
ವಂಶಸ್ಥರು ಎಂದು ಹೇಳುವ ಮೂಲಕ ಸಾಮಾನ್ಯ ಪರಂಪರೆಯನ್ನು ಒತ್ತಿ ಹೇಳಿದರು. ಭಾರತದಲ್ಲಿ ಮುಸ್ಲಿಂ ಸಮುದಾಯವು ಬೇರುಗಳು ಭಾರತದಲ್ಲಿಯೇ ಇವೆ ಎಂದು ಅವರು ಸೂಚಿಸಿದ್ದಾರೆ. ವಿಧಾನಗಳು ಬದಲಾಗಿರಬಹುದು, ಆದರೆ ಆಧಾರವಾಗಿರುವ ಸಂಸ್ಕೃತಿ ಒಂದೇ ಎಂದು ಅವರು ಸ್ಪಷ್ಟಪಡಿಸಿದರು. ನಮ್ಮ ಗುರುತು ಇದೆ ಸನಾತನ ಎಂದು ಸಿದ್ದಿಕಿ ಹೇಳಿದರು.
ಪಹಲ್ಗಾಮ್ ಹುತಾತ್ಮರ ಸ್ಮರಣೆಗೆ ಸ್ಮಾರಕ ನಿರ್ಮಾಣ : ಒಮರ್ ಅಬ್ದುಲ್ಲಾ

ಶ್ರೀನಗರ: ಬೈಸರನ್ ಕಣಿವೆಯಲ್ಲಿ ನಡೆದ ದಾಳಿಯಲ್ಲಿ ಮೃತರಾದ 26 ಪ್ರವಾಸಿಗರ ನೆನಪಿಗಾಗಿ ಸ್ಮಾರಕ ನಿರ್ಮಿಸಲು ಸರ್ಕಾರ ಯೋಜಿಸುತ್ತಿದೆ ಎಂದು ಜಮ್ಮು ಮತ್ತು ಕಾಶ್ಮೀರದ ಸಿಎಂ ಒಮರ್ ಅಬ್ದುಲ್ಲಾ ಘೋಷಿಸಿದ್ದಾರೆ.

ಪಹಲ್ಗಾಮ್‌ನಲ್ಲಿ ನಡೆದ ಸಂಪುಟ ಸಭೆಯಲ್ಲಿ ಮಾತನಾಡಿದ ಅವರು, ಏ.22 ರಂದು ಪಹಲ್ಗಾಮ್ ಬೈಸರನ್ ಕಣಿವೆಯಲ್ಲಿ ನಡೆದ ಹಿಂದೂಗಳ ನರಮೇಧದಲ್ಲಿ 26 ನಾಗರಿಕರು ಬಲಿಯಾಗಿದ್ದರು. ಈ 26 ಜನರಿಗೆ ಶಾಶ್ವತ ಗೌರವ ಸಲ್ಲಿಸಲು ಸ್ಮಾರಕ ಸ್ಥಾಪಿಸುವುದನ್ನು ಸ್ಥಾಪಿಸುವುದಾಗಿ ತಿಳಿಸಿದ್ದಾರೆ. ಜೊತೆಗೆ ಸಂಪುಟ ಸಭೆಯ ಬಳಿಕ ನಿರ್ಮಾಣದ ಕೆಲಸ ಪ್ರಾರಂಭವಾಗುವುದಾಗಿ ಲೋಕೋಪಯೋಗಿ ಇಲಾಖೆಗೆ ಸೂಚಿಸಿದ್ದೇವೆ. ಉಗ್ರರ ದಾಳಿಯಲ್ಲಿ ಹುತಾತ್ಮ 26 ಮುಗ್ಧ ಪ್ರವಾಸಿಗರಿಗೆ ಬೈಸರನ್‌ನಲ್ಲಿ ಸೂಕ್ತವಾದ ಸ್ಮಾರಕವನ್ನು ನಿರ್ಮಿಸಲಾಗುವುದು. ಈ ಮೂಲಕ ನಾವು ಸಲ್ಲಿಸುತ್ತಿರುವ ಶಾಶ್ವತ ಗೌರವ ಎಂದು	ಅವರು ಹೇಳಿದರು. ಭವ್ಯವಾಗಿರುವ ಸ್ಮಾರಕವನ್ನು ನಿರ್ಮಿಸುವ ಮೂಲಕ ಹುತಾತ್ಮರಿಗೆ ಗೌರವ ಸಲ್ಲಿಸುವ ಪ್ರಯತ್ನ ಇದಾಗಿದೆ. ಸ್ಮಾರಕದ ವಿನ್ಯಾಸ ಹಾಗೂ ನಿರ್ಮಾಣ ಕುರಿತು ಶೀಘ್ರದಲ್ಲಿ ನಿರ್ಧಾರ ಕೈಗೊಳ್ಳಲಾಗುವುದು ಎಂದು ಅಧಿಕಾರಿಗಳು ತಿಳಿಸಿದ್ದಾರೆ.
⚜
ಕರ್ನಾಟಕ ಸರ್ಕಾರ
ಜಿಲ್ಲಾ ಪಂಚಾಯತ್ ಬೀದರ
ತಾಲೂಕ ಹಿಂದುಳಿದ ವರ್ಗಗಳ ಕಲ್ಯಾಣಾಧಿಕಾರಿಗಳ ಕಚೇರಿ
ದೇವದುರ್ಗ ತಾಲೂಕ ಪಂಚಾಯತಿ ಕಟ್ಟಡ ಹತ್ತಿರ ದೇವದುರ್ಗ 584111
ಈಮೇಲ್: bcwdevdurg@gmail.com	ದೂರವಾಣಿ ಸಂಖ್ಯೆ: 08485-280984
ಸಂ: ತಾಹಿಂವಕ/ವಿ.ನಿ/ಸೇಟ್/ - /2025-26	ದಿನಾಂಕ: 29-05-2025
ಪತ್ರಿಕಾ ಪ್ರಕಟಣೆ
ಹಿಂದುಳಿದ ವರ್ಗಗಳ ಕಲ್ಯಾಣ ಇಲಾಖೆಯ ಮೆಟ್ರಿಕ್ ಪೂರ್ವ ಬಾಲಕ/ಬಾಲಕಿಯರ ವಿದ್ಯಾರ್ಥಿನಿಲಯಗಳ ಪ್ರವೇಶಕ್ಕೆ ಆನ್‌ಲೈನ್ ಮೂಲಕ ಅರ್ಜಿ ಆಹ್ವಾನ.
2025-26ನೇ ಸಾಲಿನ ಸೈಕ್ಷಣಿಕ ವರ್ಷಕ್ಕೆ ಹಿಂದುಳಿದ ವರ್ಗಗಳ ಕಲ್ಯಾಣ ಇಲಾಖೆಯ ಮೆಟ್ರಿಕ್ ಪೂರ್ವ ಬಾಲಕ/ಬಾಲಕಿಯರ ವಿದ್ಯಾರ್ಥಿನಿಲಯಗಳಿಗೆ ಪ್ರವೇಶ ಬಯಸುವ ವಿದ್ಯಾರ್ಥಿಗಳಿಂದ (5 ರಿಂದ 10ನೇ ತರಗತಿ) ಆನ್‌ಲೈನ್ ಮೂಲಕ ಅರ್ಜಿ ಆಹ್ವಾನಿಸಲಾಗಿದೆ.
ಪ್ರವರ್ಗ-1, ಪ.ಜಾ & ಪ.ಪಂ	ರೂ.2.50 ಲಕ್ಷ
ಪ್ರವರ್ಗ-2ಎ, 3ಎ, 3ಬಿ, ಇತರೆ ಹಿಂದುಳಿದ ವರ್ಗ	ರೂ. 1.00 ಲಕ್ಷ
https://shp.karnataka.gov.in/bcwd ಅಕ್ಕು ಸಂಪರ್ಕಿಸಿ ಆನ್‌ಲೈನ್‌ನಲ್ಲಿ ಅರ್ಜಿಯನ್ನು ಸಲ್ಲಿಸುವುದು.
Online ಮೂಲಕ ಅರ್ಜಿ ಸಲ್ಲಿಸಲು ಕೊನೆಯ ದಿನಾಂಕ: 16-06-2025
https://bcwd.karnataka.gov.in/
bcwdhelpline@gmail.com
8050770004, 8050770005, 08485280984, 9845380276
~✍
ತಾಲೂಕ ಹಿಂದುಳಿದ ವರ್ಗಗಳ ಕಲ್ಯಾಣಾಧಿಕಾರಿಗಳು ದೇವದುರ್ಗ
1. ಮಾನ್ಯ ಜಿಲ್ಲಾ ಅಧಿಕಾರಿಗಳು, ಹಿಂದುಳಿದ ವರ್ಗಗಳ ಕಲ್ಯಾಣ ಇಲಾಖೆ ರಾಯಚೂರು
2. ಮಾನ್ಯ ಜಿಲ್ಲಾ ಅಧಿಕಾರಿಗಳು, ಹಿಂದುಳಿದ ವರ್ಗಗಳ ಕಲ್ಯಾಣ ಇಲಾಖೆ ದೇವದುರ್ಗ
3. ಮಾನ್ಯ ತಹಸೀಲ್ದಾರರು ದೇವದುರ್ಗ
4. ಕಾರ್ಯನಿರ್ವಾಹಕ ಅಧಿಕಾರಿಗಳು ತಾಲೂಕ ಪಂಚಾಯತ ದೇವದುರ್ಗ
5. ಕಛೇರಿ ಪ್ರತಿ.
Printed by Alam Gabburenterprises Published by Syeda Anjumara on behalf of Syeda Anjumara, printed at Raichur and published at
2-78/B,Near sri boodibasaveshvara Temple,Devedurga,PO-Gabbur editor Syeda Anjumara.
CMYK
